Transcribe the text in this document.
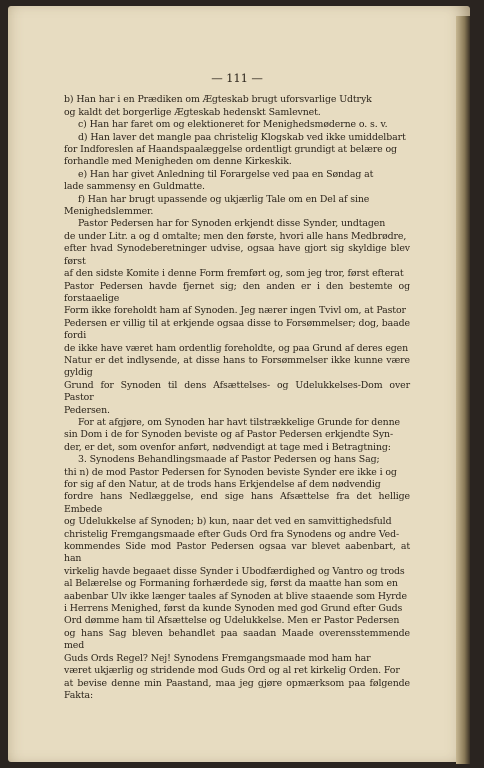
— 111 —
b) Han har i en Prædiken om Ægteskab brugt uforsvarlige Udtryk
og kaldt det borgerlige Ægteskab hedenskt Samlevnet.
c) Han har faret om og elektioneret for Menighedsmøderne o. s. v.
d) Han laver det mangle paa christelig Klogskab ved ikke umiddelbart
for Indforeslen af Haandspaalæggelse ordentligt grundigt at belære og
forhandle med Menigheden om denne Kirkeskik.
e) Han har givet Anledning til Forargelse ved paa en Søndag at
lade sammensy en Guldmatte.
f) Han har brugt upassende og ukjærlig Tale om en Del af sine
Menighedslemmer.
Pastor Pedersen har for Synoden erkjendt disse Synder, undtagen
de under Litr. a og d omtalte; men den første, hvori alle hans Medbrødre,
efter hvad Synodeberetninger udvise, ogsaa have gjort sig skyldige blev først
af den sidste Komite i denne Form fremført og, som jeg tror, først efterat
Pastor Pedersen havde fjernet sig; den anden er i den bestemte og forstaaelige
Form ikke foreholdt ham af Synoden. Jeg nærer ingen Tvivl om, at Pastor
Pedersen er villig til at erkjende ogsaa disse to Forsømmelser; dog, baade fordi
de ikke have været ham ordentlig foreholdte, og paa Grund af deres egen
Natur er det indlysende, at disse hans to Forsømmelser ikke kunne være gyldig
Grund for Synoden til dens Afsættelses- og Udelukkelses-Dom over Pastor
Pedersen.
For at afgjøre, om Synoden har havt tilstrækkelige Grunde for denne
sin Dom i de for Synoden beviste og af Pastor Pedersen erkjendte Syn-
der, er det, som ovenfor anført, nødvendigt at tage med i Betragtning:
3. Synodens Behandlingsmaade af Pastor Pedersen og hans Sag;
thi n) de mod Pastor Pedersen for Synoden beviste Synder ere ikke i og
for sig af den Natur, at de trods hans Erkjendelse af dem nødvendig
fordre hans Nedlæggelse, end sige hans Afsættelse fra det hellige Embede
og Udelukkelse af Synoden; b) kun, naar det ved en samvittighedsfuld
christelig Fremgangsmaade efter Guds Ord fra Synodens og andre Ved-
kommendes Side mod Pastor Pedersen ogsaa var blevet aabenbart, at han
virkelig havde begaaet disse Synder i Ubodfærdighed og Vantro og trods
al Belærelse og Formaning forhærdede sig, først da maatte han som en
aabenbar Ulv ikke længer taales af Synoden at blive staaende som Hyrde
i Herrens Menighed, først da kunde Synoden med god Grund efter Guds
Ord dømme ham til Afsættelse og Udelukkelse. Men er Pastor Pedersen
og hans Sag bleven behandlet paa saadan Maade overensstemmende med
Guds Ords Regel? Nej! Synodens Fremgangsmaade mod ham har
været ukjærlig og stridende mod Guds Ord og al ret kirkelig Orden. For
at bevise denne min Paastand, maa jeg gjøre opmærksom paa følgende Fakta:
